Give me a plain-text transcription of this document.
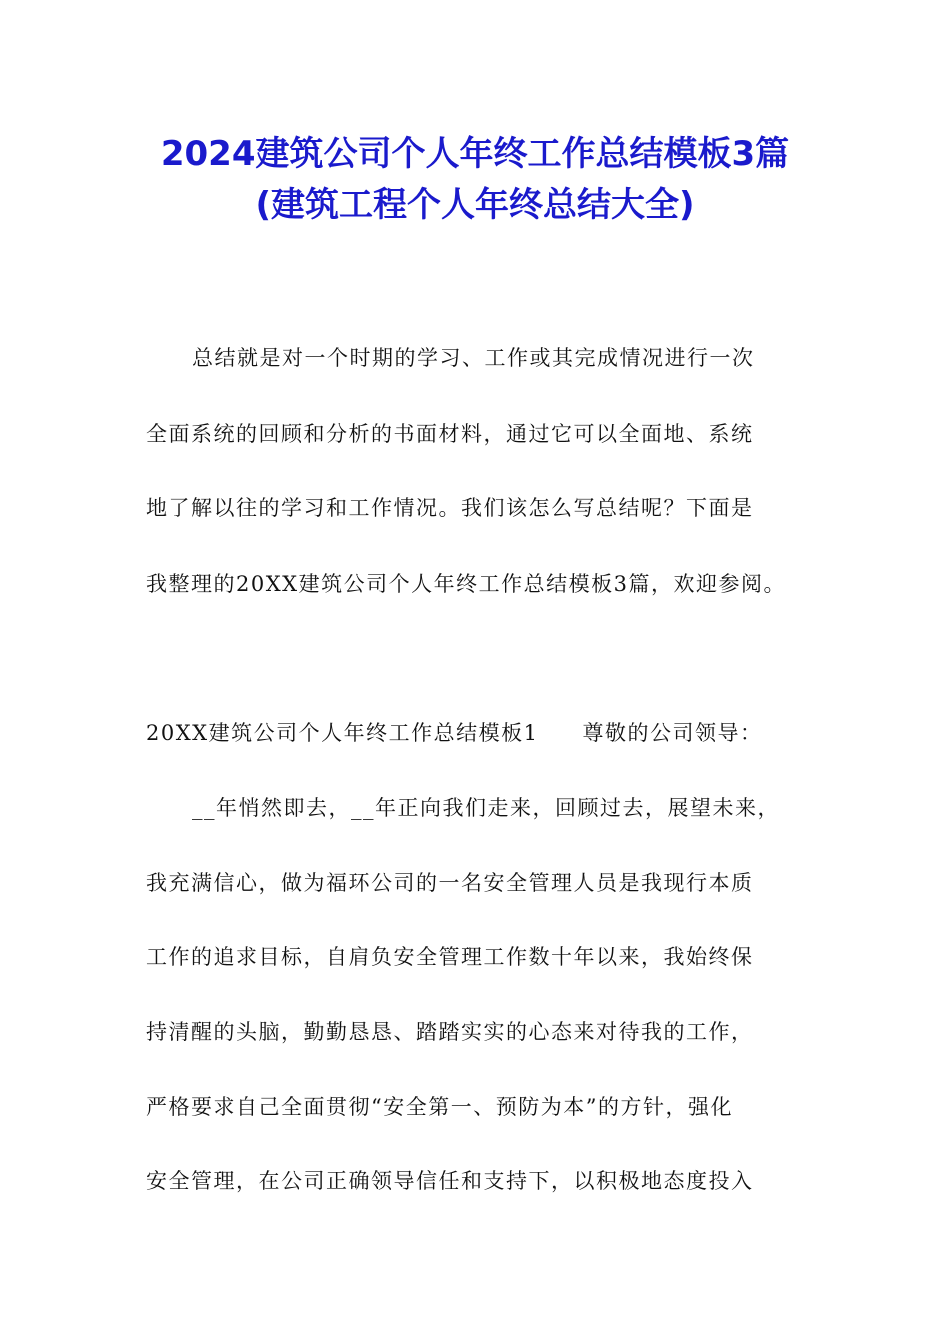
2024建筑公司个人年终工作总结模板3篇
(建筑工程个人年终总结大全)
总结就是对一个时期的学习、工作或其完成情况进行一次
全面系统的回顾和分析的书面材料，通过它可以全面地、系统
地了解以往的学习和工作情况。我们该怎么写总结呢？下面是
我整理的20XX建筑公司个人年终工作总结模板3篇，欢迎参阅。
20XX建筑公司个人年终工作总结模板1 尊敬的公司领导：
__年悄然即去，__年正向我们走来，回顾过去，展望未来，
我充满信心，做为福环公司的一名安全管理人员是我现行本质
工作的追求目标，自肩负安全管理工作数十年以来，我始终保
持清醒的头脑，勤勤恳恳、踏踏实实的心态来对待我的工作，
严格要求自己全面贯彻“安全第一、预防为本”的方针，强化
安全管理，在公司正确领导信任和支持下，以积极地态度投入
